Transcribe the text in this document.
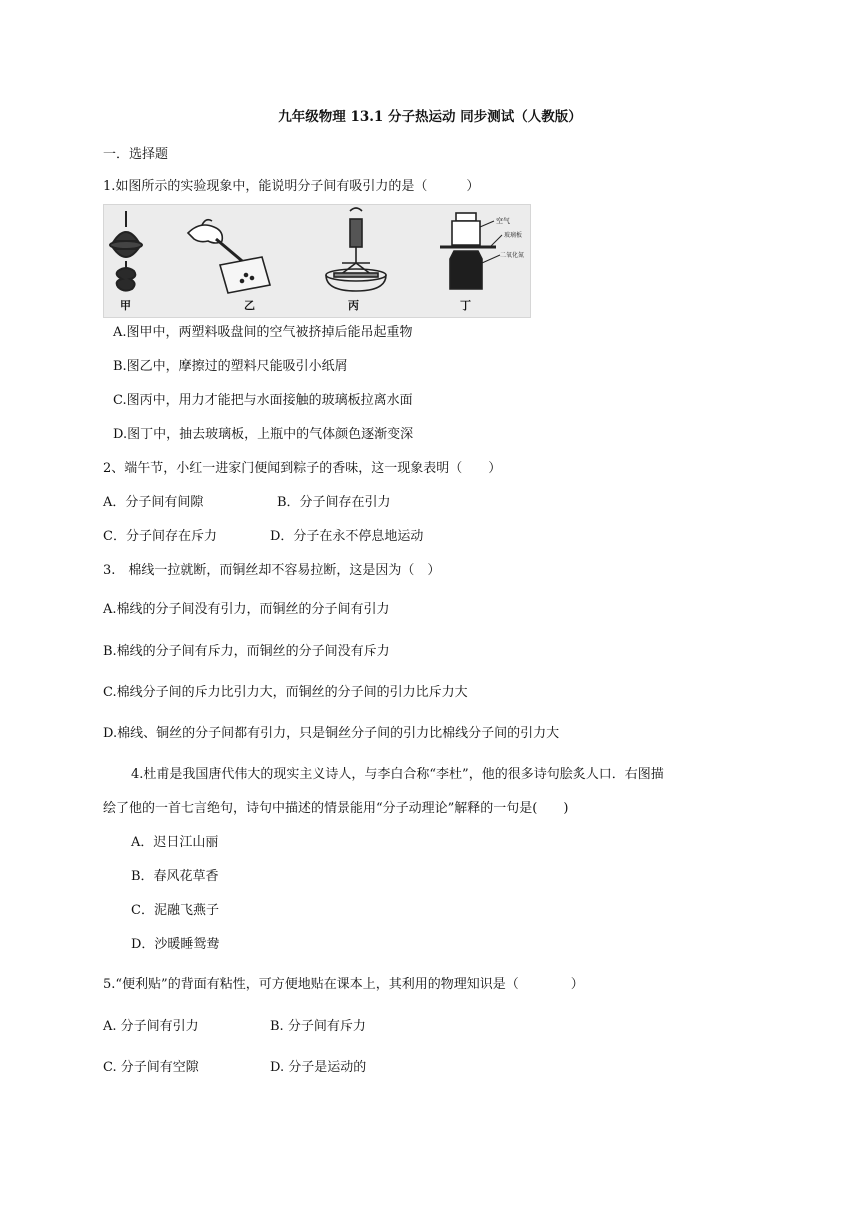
九年级物理 13.1 分子热运动 同步测试（人教版）
一．选择题
1.如图所示的实验现象中，能说明分子间有吸引力的是（　　　）
空气
玻璃板
二氧化氮
甲	乙	丙	丁
A.图甲中，两塑料吸盘间的空气被挤掉后能吊起重物
B.图乙中，摩擦过的塑料尺能吸引小纸屑
C.图丙中，用力才能把与水面接触的玻璃板拉离水面
D.图丁中，抽去玻璃板，上瓶中的气体颜色逐渐变深
2、端午节，小红一进家门便闻到粽子的香味，这一现象表明（　　）
A．分子间有间隙	B．分子间存在引力
C．分子间存在斥力	D．分子在永不停息地运动
3.　棉线一拉就断，而铜丝却不容易拉断，这是因为（　）
A.棉线的分子间没有引力，而铜丝的分子间有引力
B.棉线的分子间有斥力，而铜丝的分子间没有斥力
C.棉线分子间的斥力比引力大，而铜丝的分子间的引力比斥力大
D.棉线、铜丝的分子间都有引力，只是铜丝分子间的引力比棉线分子间的引力大
4.杜甫是我国唐代伟大的现实主义诗人，与李白合称“李杜”，他的很多诗句脍炙人口．右图描
绘了他的一首七言绝句，诗句中描述的情景能用“分子动理论”解释的一句是(　　)
A．迟日江山丽
B．春风花草香
C．泥融飞燕子
D．沙暖睡鸳鸯
5.“便利贴”的背面有粘性，可方便地贴在课本上，其利用的物理知识是（　　　　）
A. 分子间有引力	B. 分子间有斥力
C. 分子间有空隙	D. 分子是运动的
